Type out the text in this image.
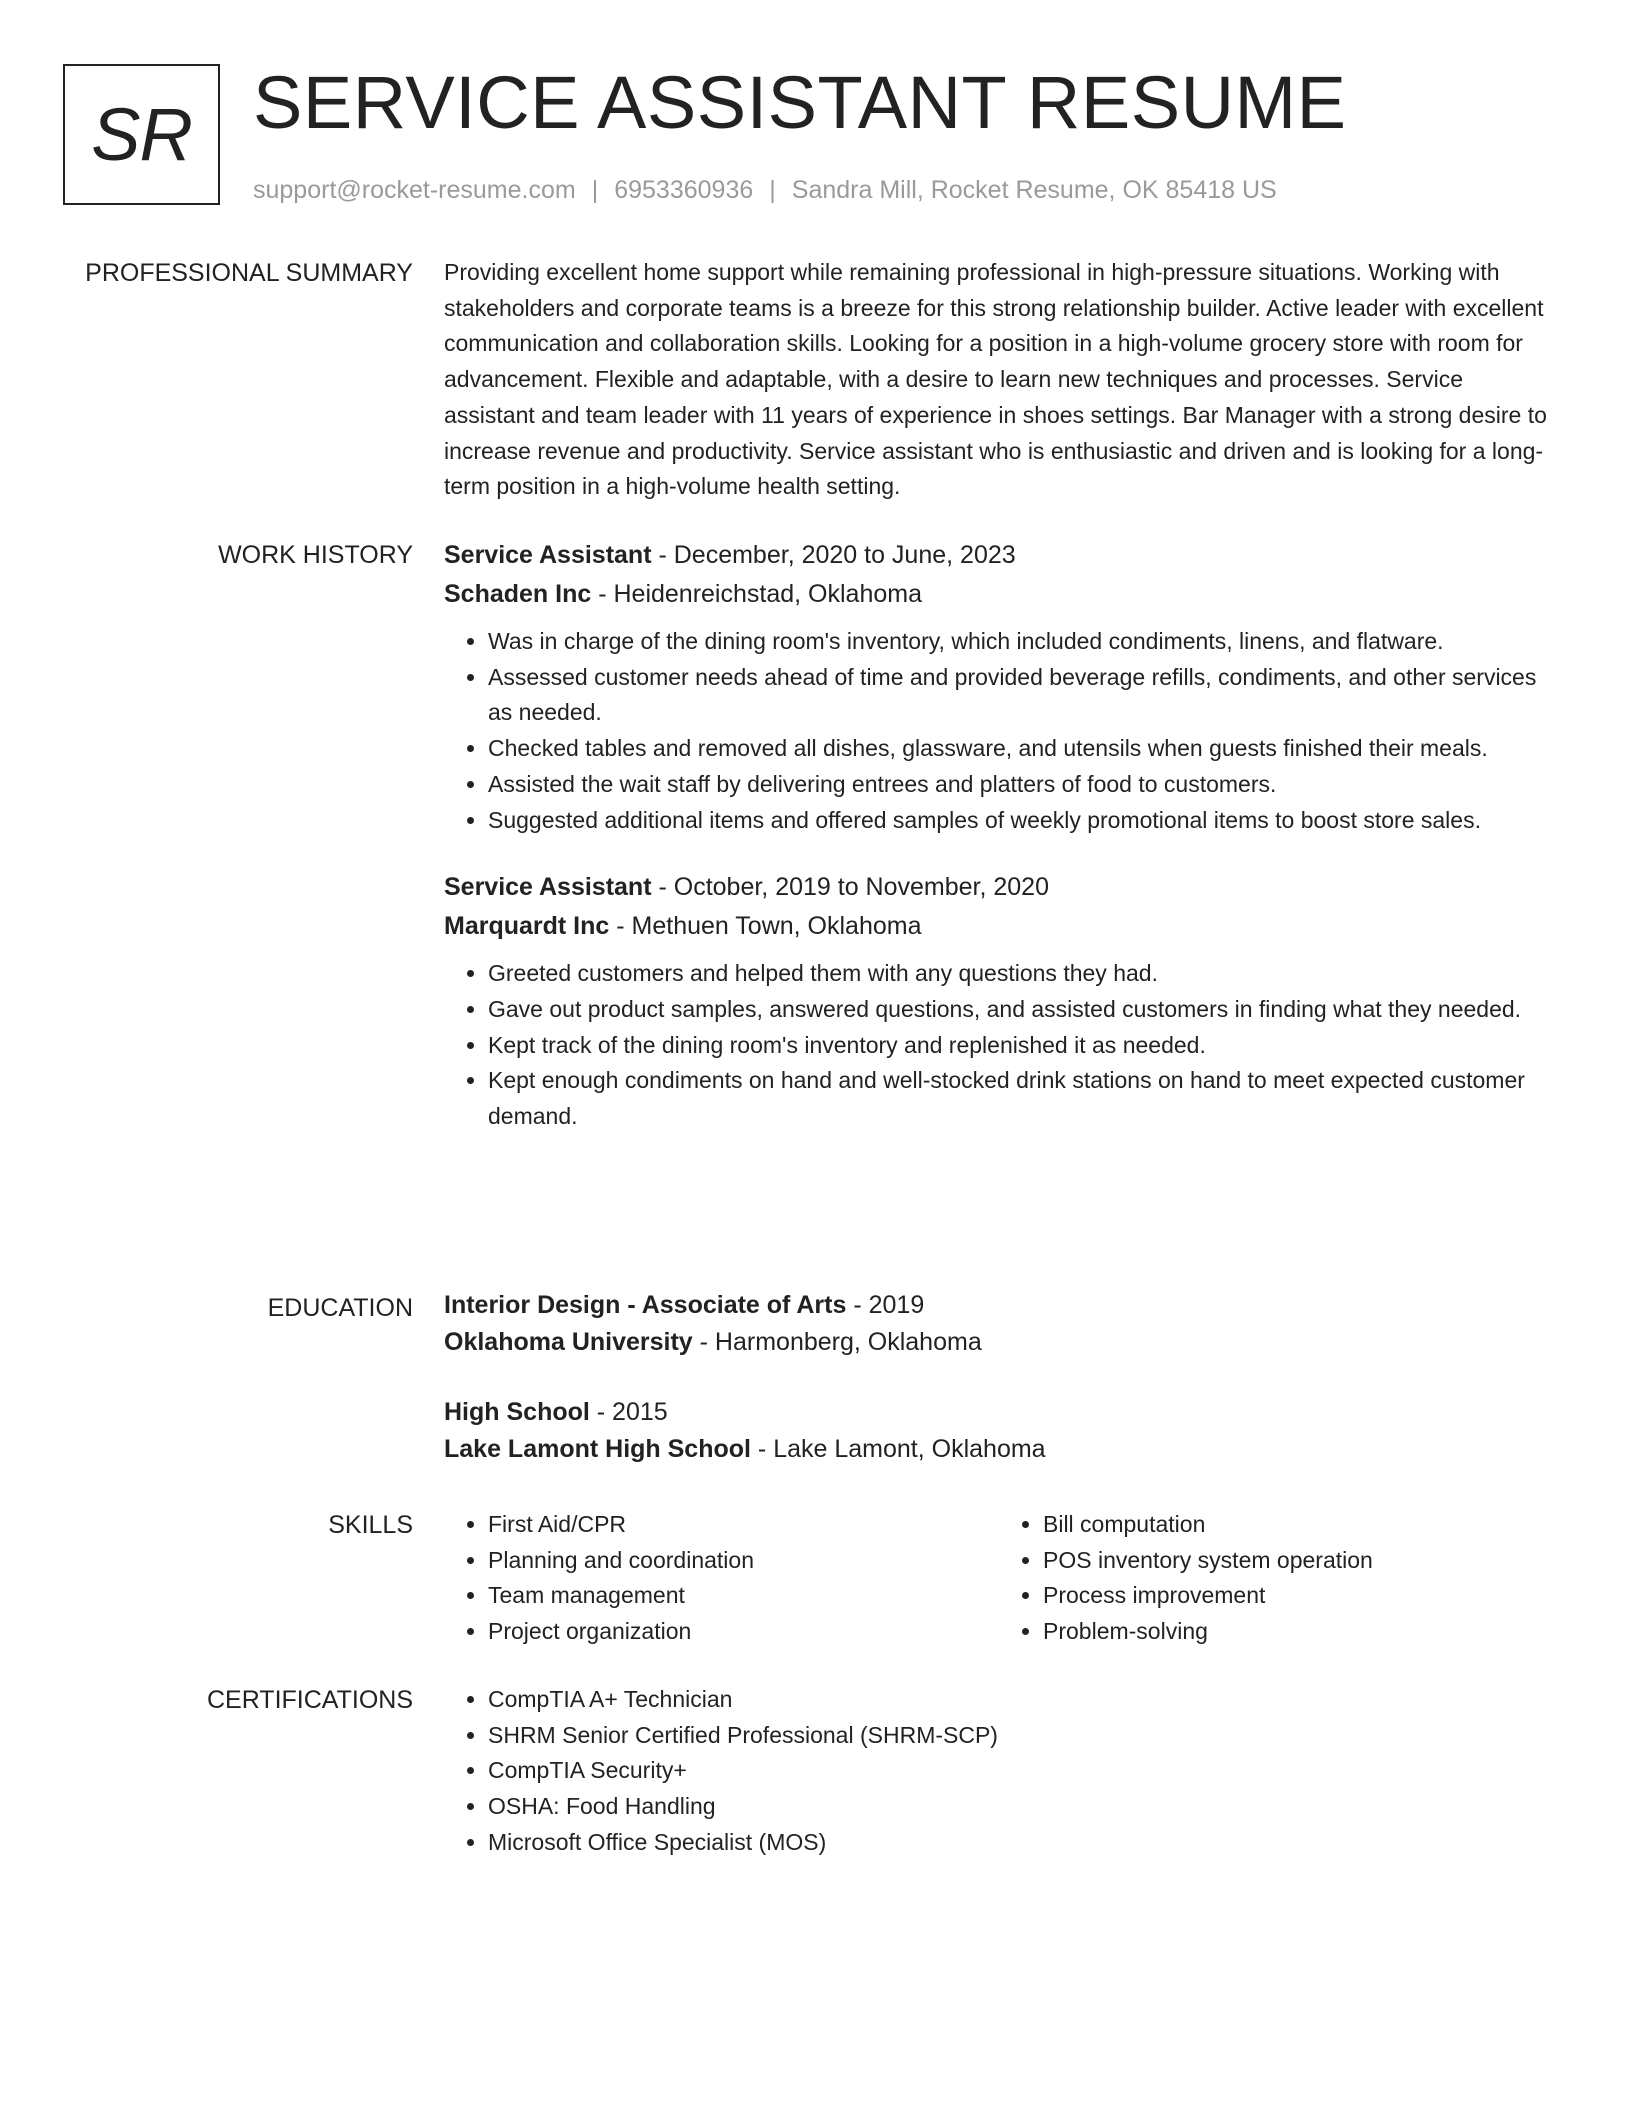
SR SERVICE ASSISTANT RESUME
support@rocket-resume.com | 6953360936 | Sandra Mill, Rocket Resume, OK 85418 US
PROFESSIONAL SUMMARY Providing excellent home support while remaining professional in high-pressure situations. Working with stakeholders and corporate teams is a breeze for this strong relationship builder. Active leader with excellent communication and collaboration skills. Looking for a position in a high-volume grocery store with room for advancement. Flexible and adaptable, with a desire to learn new techniques and processes. Service assistant and team leader with 11 years of experience in shoes settings. Bar Manager with a strong desire to increase revenue and productivity. Service assistant who is enthusiastic and driven and is looking for a long-term position in a high-volume health setting.

WORK HISTORY Service Assistant - December, 2020 to June, 2023
Schaden Inc - Heidenreichstad, Oklahoma
• Was in charge of the dining room's inventory, which included condiments, linens, and flatware.
• Assessed customer needs ahead of time and provided beverage refills, condiments, and other services as needed.
• Checked tables and removed all dishes, glassware, and utensils when guests finished their meals.
• Assisted the wait staff by delivering entrees and platters of food to customers.
• Suggested additional items and offered samples of weekly promotional items to boost store sales.
Service Assistant - October, 2019 to November, 2020
Marquardt Inc - Methuen Town, Oklahoma
• Greeted customers and helped them with any questions they had.
• Gave out product samples, answered questions, and assisted customers in finding what they needed.
• Kept track of the dining room's inventory and replenished it as needed.
• Kept enough condiments on hand and well-stocked drink stations on hand to meet expected customer demand.
EDUCATION Interior Design - Associate of Arts - 2019
Oklahoma University - Harmonberg, Oklahoma
High School - 2015
Lake Lamont High School - Lake Lamont, Oklahoma
SKILLS	• First Aid/CPR
• Planning and coordination
• Team management
• Project organization
• Bill computation
• POS inventory system operation
• Process improvement
• Problem-solving
CERTIFICATIONS	• CompTIA A+ Technician
• SHRM Senior Certified Professional (SHRM-SCP)
• CompTIA Security+
• OSHA: Food Handling
• Microsoft Office Specialist (MOS)
